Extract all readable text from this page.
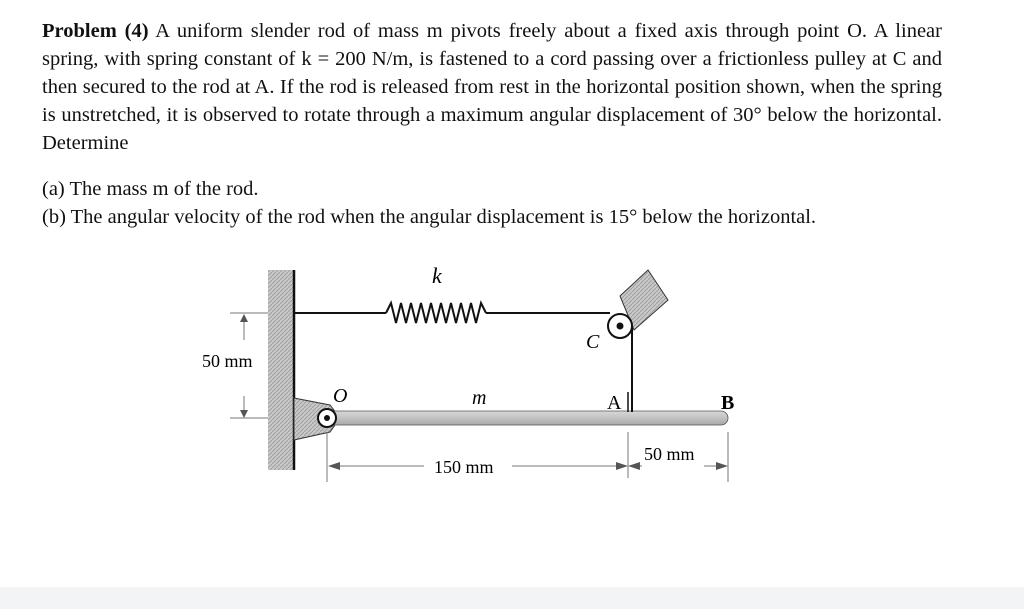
Problem (4) A uniform slender rod of mass m pivots freely about a fixed axis through point O. A linear spring, with spring constant of k = 200 N/m, is fastened to a cord passing over a frictionless pulley at C and then secured to the rod at A. If the rod is released from rest in the horizontal position shown, when the spring is unstretched, it is observed to rotate through a maximum angular displacement of 30° below the horizontal. Determine

(a) The mass m of the rod.
(b) The angular velocity of the rod when the angular displacement is 15° below the horizontal.
k
C
O	m	A	B
50 mm
150 mm
50 mm
